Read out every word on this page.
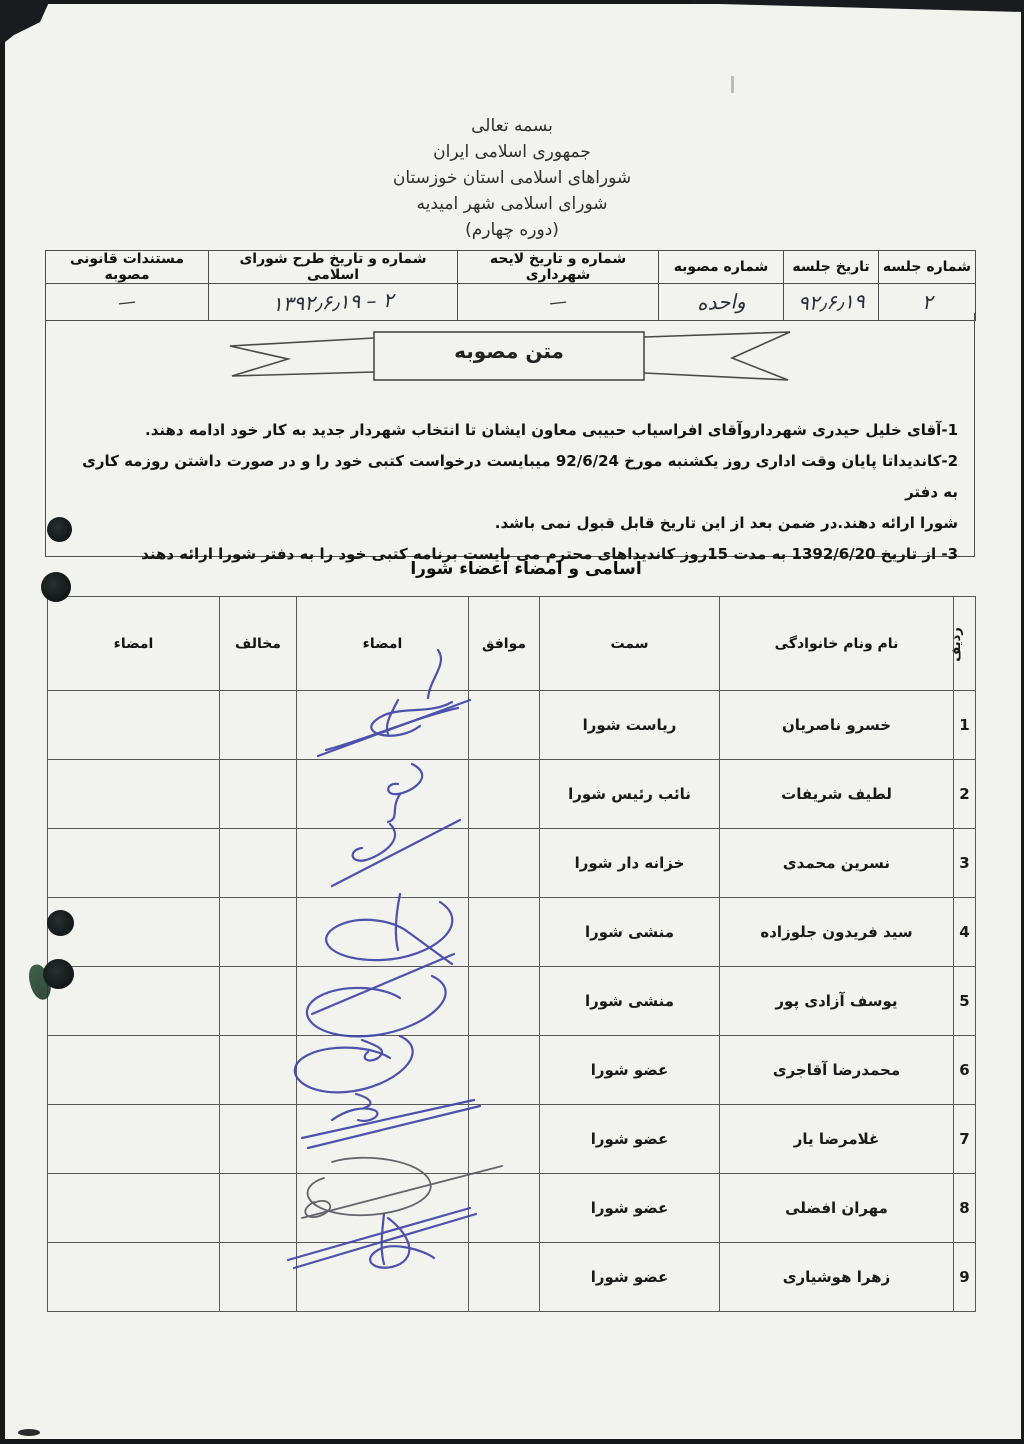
بسمه تعالی
جمهوری اسلامی ایران
شوراهای اسلامی استان خوزستان
شورای اسلامی شهر امیدیه
(دوره چهارم)
شماره جلسه	تاریخ جلسه	شماره مصوبه	شماره و تاریخ لایحه شهرداری	شماره و تاریخ طرح شورای اسلامی	مستندات قانونی مصوبه
۲	۹۲٫۶٫۱۹	واحده	—	۱۳۹۲٫۶٫۱۹ – ۲	—
متن مصوبه
1-آقای خلیل حیدری شهرداروآقای افراسیاب حبیبی معاون ایشان تا انتخاب شهردار جدید به کار خود ادامه دهند.
2-کاندیداتا پایان وقت اداری روز یکشنبه مورخ 92/6/24 میبایست درخواست کتبی خود را و در صورت داشتن روزمه کاری به دفتر
شورا ارائه دهند.در ضمن بعد از این تاریخ قابل قبول نمی باشد.
3- از تاریخ 1392/6/20 به مدت 15روز کاندیداهای محترم می بایست برنامه کتبی خود را به دفتر شورا ارائه دهند
اسامی و امضاء اعضاء شورا
ردیف	نام ونام خانوادگی	سمت	موافق	امضاء	مخالف	امضاء
1	خسرو ناصریان	ریاست شورا				
2	لطیف شریفات	نائب رئیس شورا				
3	نسرین محمدی	خزانه دار شورا				
4	سید فریدون جلوزاده	منشی شورا				
5	یوسف آزادی پور	منشی شورا				
6	محمدرضا آقاجری	عضو شورا				
7	غلامرضا یار	عضو شورا				
8	مهران افضلی	عضو شورا				
9	زهرا هوشیاری	عضو شورا				
